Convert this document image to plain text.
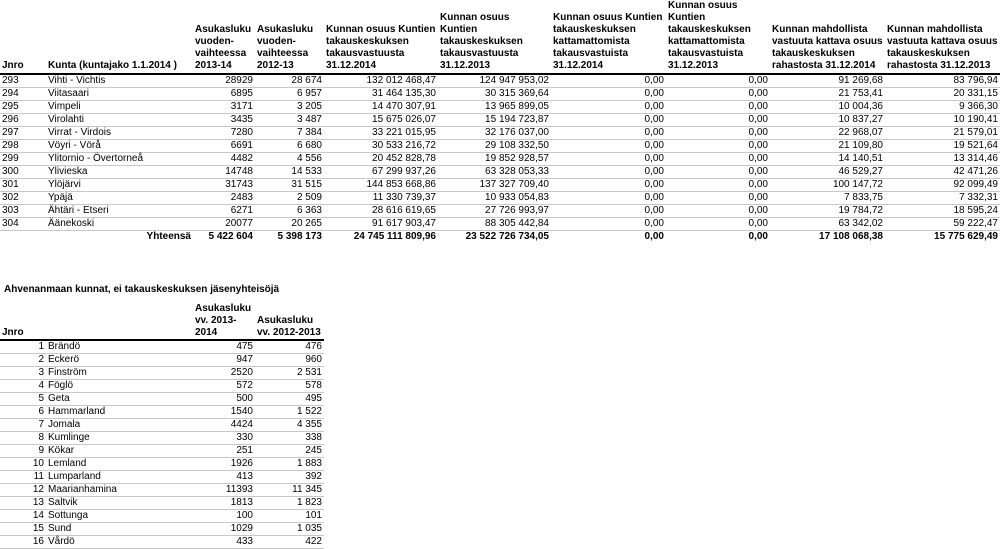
Jnro	Kunta (kuntajako 1.1.2014 )	Asukasluku vuoden-vaihteessa 2013-14	Asukasluku vuoden-vaihteessa 2012-13	Kunnan osuus Kuntien takauskeskuksen takausvastuusta 31.12.2014	Kunnan osuus Kuntien takauskeskuksen takausvastuusta 31.12.2013	Kunnan osuus Kuntien takauskeskuksen kattamattomista takausvastuista 31.12.2014	Kunnan osuus Kuntien takauskeskuksen kattamattomista takausvastuista 31.12.2013	Kunnan mahdollista vastuuta kattava osuus takauskeskuksen rahastosta 31.12.2014	Kunnan mahdollista vastuuta kattava osuus takauskeskuksen rahastosta 31.12.2013
293	Vihti - Vichtis	28929	28 674	132 012 468,47	124 947 953,02	0,00	0,00	91 269,68	83 796,94
294	Viitasaari	6895	6 957	31 464 135,30	30 315 369,64	0,00	0,00	21 753,41	20 331,15
295	Vimpeli	3171	3 205	14 470 307,91	13 965 899,05	0,00	0,00	10 004,36	9 366,30
296	Virolahti	3435	3 487	15 675 026,07	15 194 723,87	0,00	0,00	10 837,27	10 190,41
297	Virrat - Virdois	7280	7 384	33 221 015,95	32 176 037,00	0,00	0,00	22 968,07	21 579,01
298	Vöyri - Vörå	6691	6 680	30 533 216,72	29 108 332,50	0,00	0,00	21 109,80	19 521,64
299	Ylitornio - Övertorneå	4482	4 556	20 452 828,78	19 852 928,57	0,00	0,00	14 140,51	13 314,46
300	Ylivieska	14748	14 533	67 299 937,26	63 328 053,33	0,00	0,00	46 529,27	42 471,26
301	Ylöjärvi	31743	31 515	144 853 668,86	137 327 709,40	0,00	0,00	100 147,72	92 099,49
302	Ypäjä	2483	2 509	11 330 739,37	10 933 054,83	0,00	0,00	7 833,75	7 332,31
303	Ähtäri - Etseri	6271	6 363	28 616 619,65	27 726 993,97	0,00	0,00	19 784,72	18 595,24
304	Äänekoski	20077	20 265	91 617 903,47	88 305 442,84	0,00	0,00	63 342,02	59 222,47
	Yhteensä	5 422 604	5 398 173	24 745 111 809,96	23 522 726 734,05	0,00	0,00	17 108 068,38	15 775 629,49
Ahvenanmaan kunnat, ei takauskeskuksen jäsenyhteisöjä
Jnro		Asukasluku vv. 2013-2014	Asukasluku vv. 2012-2013
1	Brändö	475	476
2	Eckerö	947	960
3	Finström	2520	2 531
4	Föglö	572	578
5	Geta	500	495
6	Hammarland	1540	1 522
7	Jomala	4424	4 355
8	Kumlinge	330	338
9	Kökar	251	245
10	Lemland	1926	1 883
11	Lumparland	413	392
12	Maarianhamina	11393	11 345
13	Saltvik	1813	1 823
14	Sottunga	100	101
15	Sund	1029	1 035
16	Vårdö	433	422
